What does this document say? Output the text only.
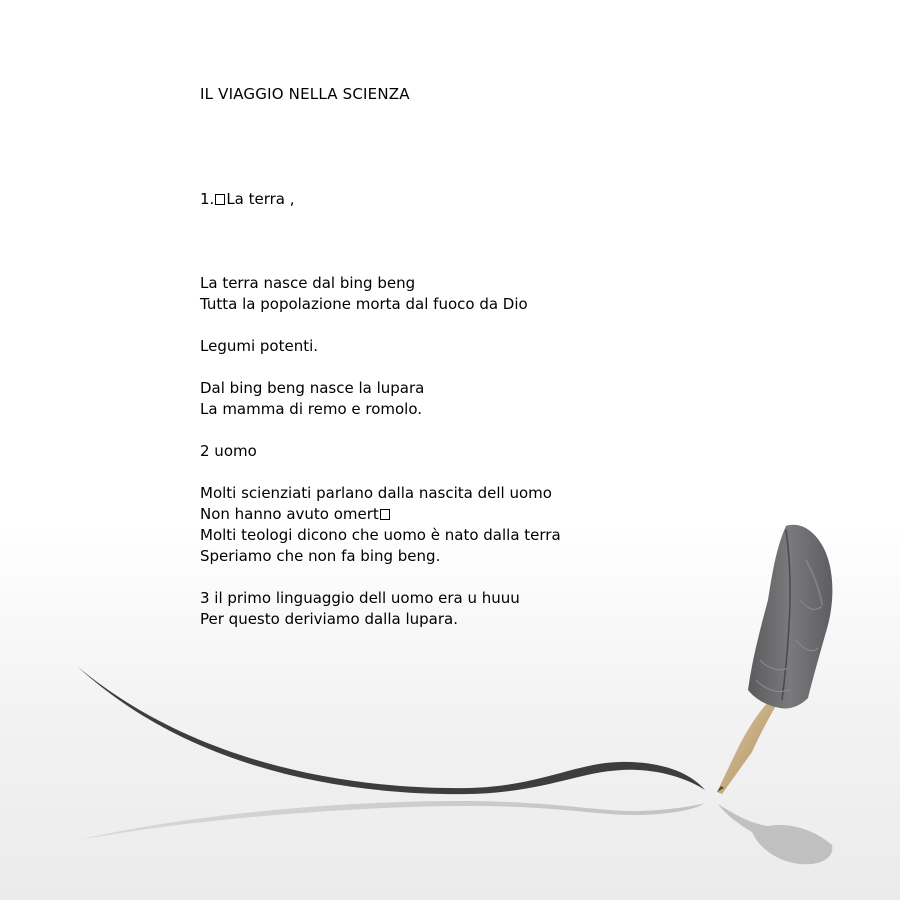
IL VIAGGIO NELLA SCIENZA
1. La terra ,
La terra nasce dal bing beng
Tutta la popolazione morta dal fuoco da Dio
Legumi potenti.
Dal bing beng nasce la lupara
La mamma di remo e romolo.
2 uomo
Molti scienziati parlano dalla nascita dell uomo
Non hanno avuto omert
Molti teologi dicono che uomo è nato dalla terra
Speriamo che non fa bing beng.
3 il primo linguaggio dell uomo era u huuu
Per questo deriviamo dalla lupara.
